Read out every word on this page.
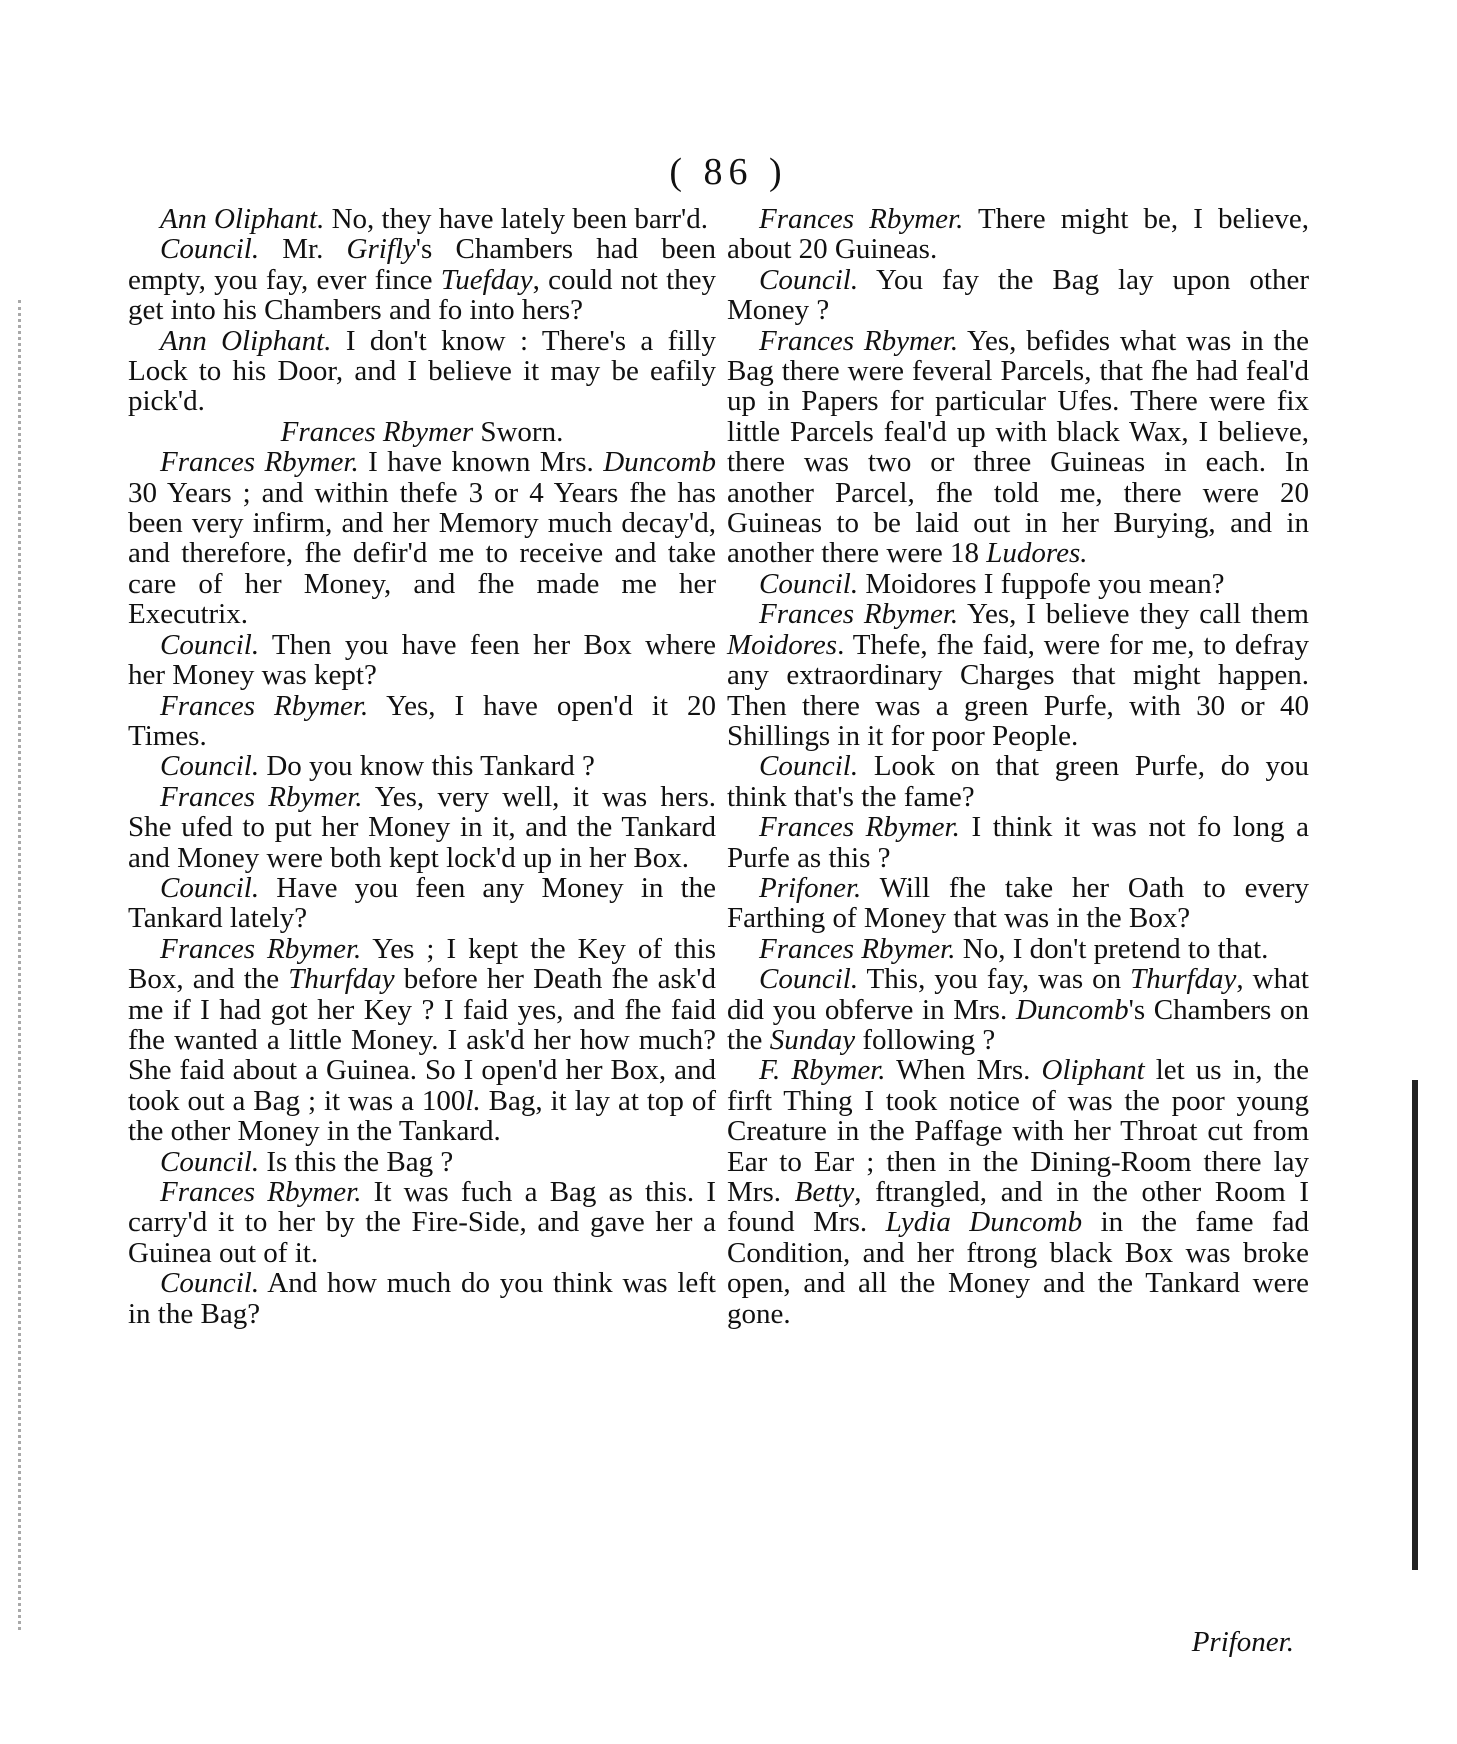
( 86 )

Ann Oliphant. No, they have lately been barr'd.

Council. Mr. Grifly's Chambers had been empty, you fay, ever fince Tuefday, could not they get into his Chambers and fo into hers?

Ann Oliphant. I don't know : There's a filly Lock to his Door, and I believe it may be eafily pick'd.

Frances Rbymer Sworn.

Frances Rbymer. I have known Mrs. Duncomb 30 Years ; and within thefe 3 or 4 Years fhe has been very infirm, and her Memory much decay'd, and therefore, fhe defir'd me to receive and take care of her Money, and fhe made me her Executrix.

Council. Then you have feen her Box where her Money was kept?

Frances Rbymer. Yes, I have open'd it 20 Times.

Council. Do you know this Tankard ?

Frances Rbymer. Yes, very well, it was hers. She ufed to put her Money in it, and the Tankard and Money were both kept lock'd up in her Box.

Council. Have you feen any Money in the Tankard lately?

Frances Rbymer. Yes ; I kept the Key of this Box, and the Thurfday before her Death fhe ask'd me if I had got her Key ? I faid yes, and fhe faid fhe wanted a little Money. I ask'd her how much? She faid about a Guinea. So I open'd her Box, and took out a Bag ; it was a 100l. Bag, it lay at top of the other Money in the Tankard.

Council. Is this the Bag ?

Frances Rbymer. It was fuch a Bag as this. I carry'd it to her by the Fire-Side, and gave her a Guinea out of it.

Council. And how much do you think was left in the Bag?

Frances Rbymer. There might be, I believe, about 20 Guineas.

Council. You fay the Bag lay upon other Money ?

Frances Rbymer. Yes, befides what was in the Bag there were feveral Parcels, that fhe had feal'd up in Papers for particular Ufes. There were fix little Parcels feal'd up with black Wax, I believe, there was two or three Guineas in each. In another Parcel, fhe told me, there were 20 Guineas to be laid out in her Burying, and in another there were 18 Ludores.

Council. Moidores I fuppofe you mean?

Frances Rbymer. Yes, I believe they call them Moidores. Thefe, fhe faid, were for me, to defray any extraordinary Charges that might happen. Then there was a green Purfe, with 30 or 40 Shillings in it for poor People.

Council. Look on that green Purfe, do you think that's the fame?

Frances Rbymer. I think it was not fo long a Purfe as this ?

Prifoner. Will fhe take her Oath to every Farthing of Money that was in the Box?

Frances Rbymer. No, I don't pretend to that.

Council. This, you fay, was on Thurfday, what did you obferve in Mrs. Duncomb's Chambers on the Sunday following ?

F. Rbymer. When Mrs. Oliphant let us in, the firft Thing I took notice of was the poor young Creature in the Paffage with her Throat cut from Ear to Ear ; then in the Dining-Room there lay Mrs. Betty, ftrangled, and in the other Room I found Mrs. Lydia Duncomb in the fame fad Condition, and her ftrong black Box was broke open, and all the Money and the Tankard were gone.

Prifoner.
